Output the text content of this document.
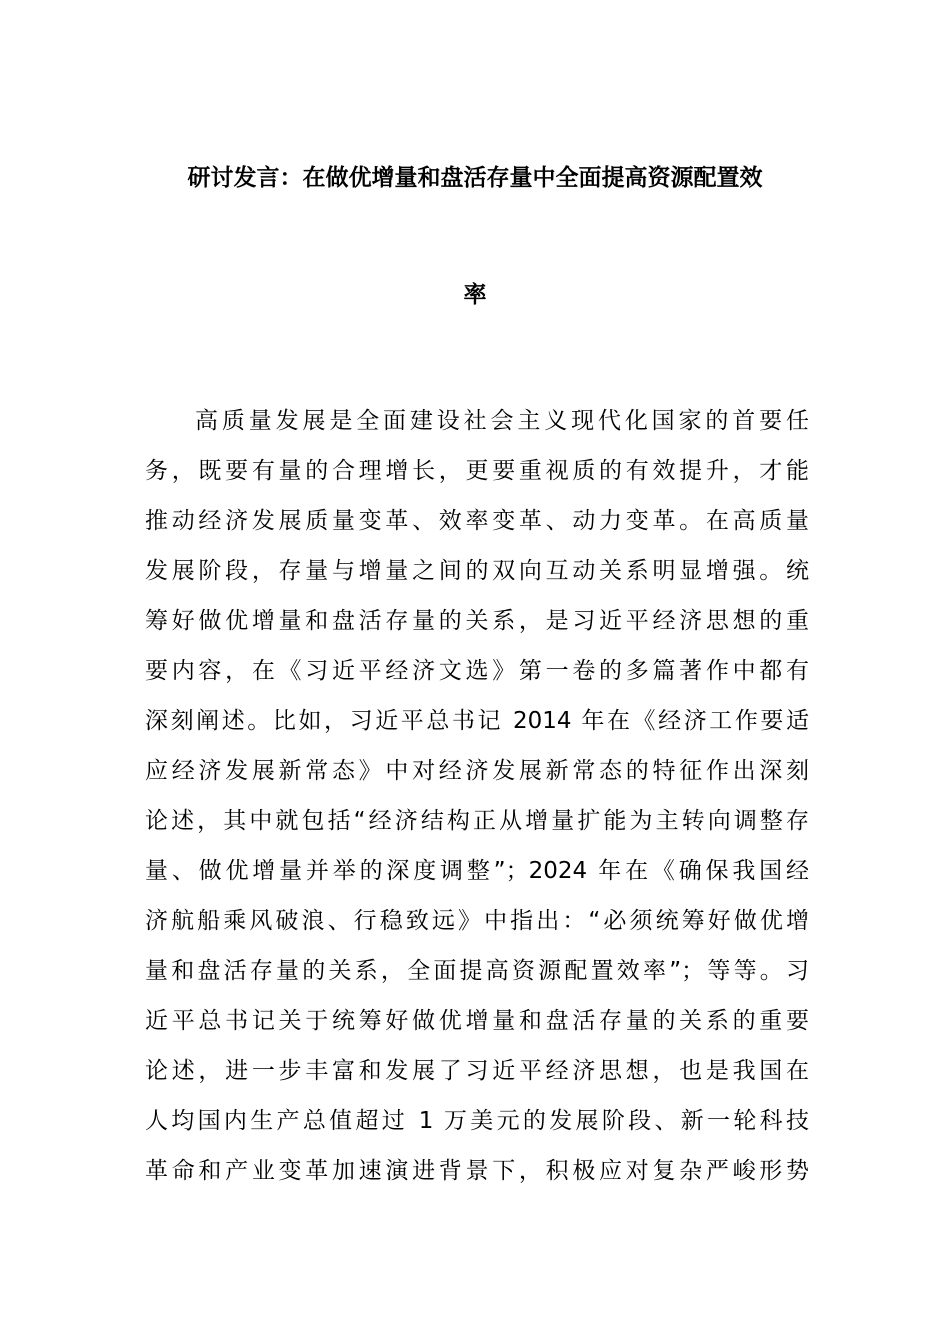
研讨发言：在做优增量和盘活存量中全面提高资源配置效
率
高质量发展是全面建设社会主义现代化国家的首要任
务，既要有量的合理增长，更要重视质的有效提升，才能
推动经济发展质量变革、效率变革、动力变革。在高质量
发展阶段，存量与增量之间的双向互动关系明显增强。统
筹好做优增量和盘活存量的关系，是习近平经济思想的重
要内容，在《习近平经济文选》第一卷的多篇著作中都有
深刻阐述。比如，习近平总书记 2014 年在《经济工作要适
应经济发展新常态》中对经济发展新常态的特征作出深刻
论述，其中就包括“经济结构正从增量扩能为主转向调整存
量、做优增量并举的深度调整”；2024 年在《确保我国经
济航船乘风破浪、行稳致远》中指出：“必须统筹好做优增
量和盘活存量的关系，全面提高资源配置效率”；等等。习
近平总书记关于统筹好做优增量和盘活存量的关系的重要
论述，进一步丰富和发展了习近平经济思想，也是我国在
人均国内生产总值超过 1 万美元的发展阶段、新一轮科技
革命和产业变革加速演进背景下，积极应对复杂严峻形势
